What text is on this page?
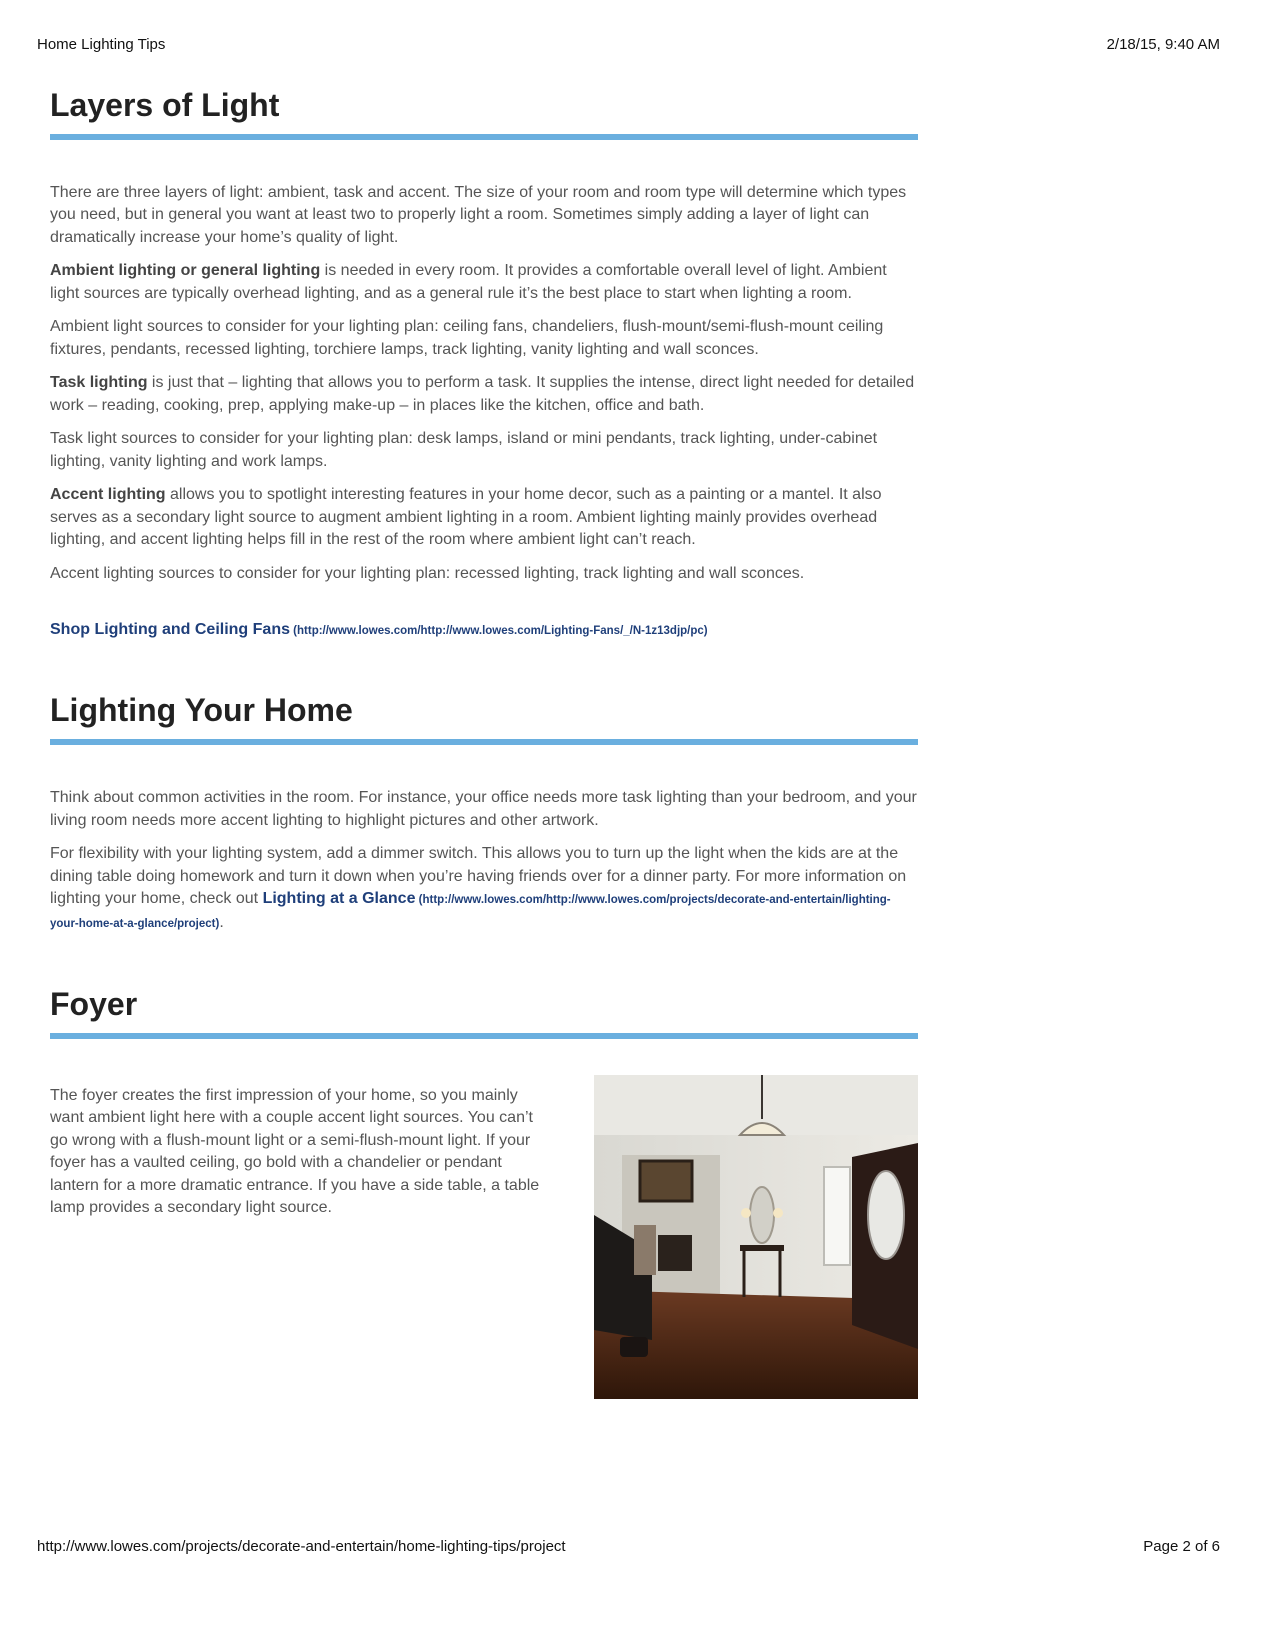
Home Lighting Tips	2/18/15, 9:40 AM
Layers of Light

There are three layers of light: ambient, task and accent. The size of your room and room type will determine which types you need, but in general you want at least two to properly light a room. Sometimes simply adding a layer of light can dramatically increase your home’s quality of light.

Ambient lighting or general lighting is needed in every room. It provides a comfortable overall level of light. Ambient light sources are typically overhead lighting, and as a general rule it’s the best place to start when lighting a room.

Ambient light sources to consider for your lighting plan: ceiling fans, chandeliers, flush-mount/semi-flush-mount ceiling fixtures, pendants, recessed lighting, torchiere lamps, track lighting, vanity lighting and wall sconces.

Task lighting is just that – lighting that allows you to perform a task. It supplies the intense, direct light needed for detailed work – reading, cooking, prep, applying make-up – in places like the kitchen, office and bath.

Task light sources to consider for your lighting plan: desk lamps, island or mini pendants, track lighting, under-cabinet lighting, vanity lighting and work lamps.

Accent lighting allows you to spotlight interesting features in your home decor, such as a painting or a mantel. It also serves as a secondary light source to augment ambient lighting in a room. Ambient lighting mainly provides overhead lighting, and accent lighting helps fill in the rest of the room where ambient light can’t reach.

Accent lighting sources to consider for your lighting plan: recessed lighting, track lighting and wall sconces.

Shop Lighting and Ceiling Fans (http://www.lowes.com/http://www.lowes.com/Lighting-Fans/_/N-1z13djp/pc)
Lighting Your Home

Think about common activities in the room. For instance, your office needs more task lighting than your bedroom, and your living room needs more accent lighting to highlight pictures and other artwork.

For flexibility with your lighting system, add a dimmer switch. This allows you to turn up the light when the kids are at the dining table doing homework and turn it down when you’re having friends over for a dinner party. For more information on lighting your home, check out Lighting at a Glance (http://www.lowes.com/http://www.lowes.com/projects/decorate-and-entertain/lighting-your-home-at-a-glance/project).

Foyer

The foyer creates the first impression of your home, so you mainly want ambient light here with a couple accent light sources. You can’t go wrong with a flush-mount light or a semi-flush-mount light. If your foyer has a vaulted ceiling, go bold with a chandelier or pendant lantern for a more dramatic entrance. If you have a side table, a table lamp provides a secondary light source.

http://www.lowes.com/projects/decorate-and-entertain/home-lighting-tips/project	Page 2 of 6
